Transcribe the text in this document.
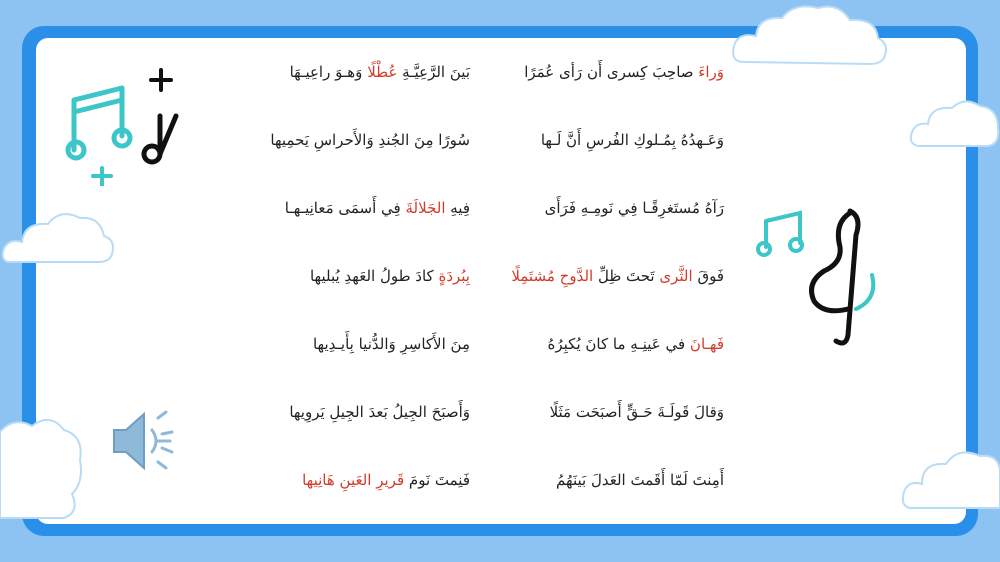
وَراءَ صاحِبَ كِسرى أَن رَأى عُمَرًا
وَعَـهدُهُ بِمُـلوكِ الفُرسِ أَنَّ لَـها
رَآهُ مُستَغرِقًـا فِي نَومِـهِ فَرَأَى
فَوقَ الثَّرى تَحتَ ظِلِّ الدَّوحِ مُشتَمِلًا
فَهـانَ في عَينِـهِ ما كانَ يُكبِرُهُ
وَقالَ قَولَـةَ حَـقٍّ أَصبَحَت مَثَلًا
أَمِنتَ لَمّا أَقَمتَ العَدلَ بَينَهُمُ
بَينَ الرَّعِيَّـةِ عُطْلًا وَهـوَ راعِيـهَا
سُورًا مِنَ الجُندِ وَالأَحراسِ يَحمِيها
فِيهِ الجَلالَةَ فِي أَسمَى مَعانِيـهـا
بِبُردَةٍ كادَ طولُ العَهدِ يُبليها
مِنَ الأَكاسِرِ وَالدُّنيا بِأَيـدِيها
وَأَصبَحَ الجِيلُ بَعدَ الجِيلِ يَروِيها
فَنِمتَ نَومَ قَريرِ العَينِ هَانِيها
